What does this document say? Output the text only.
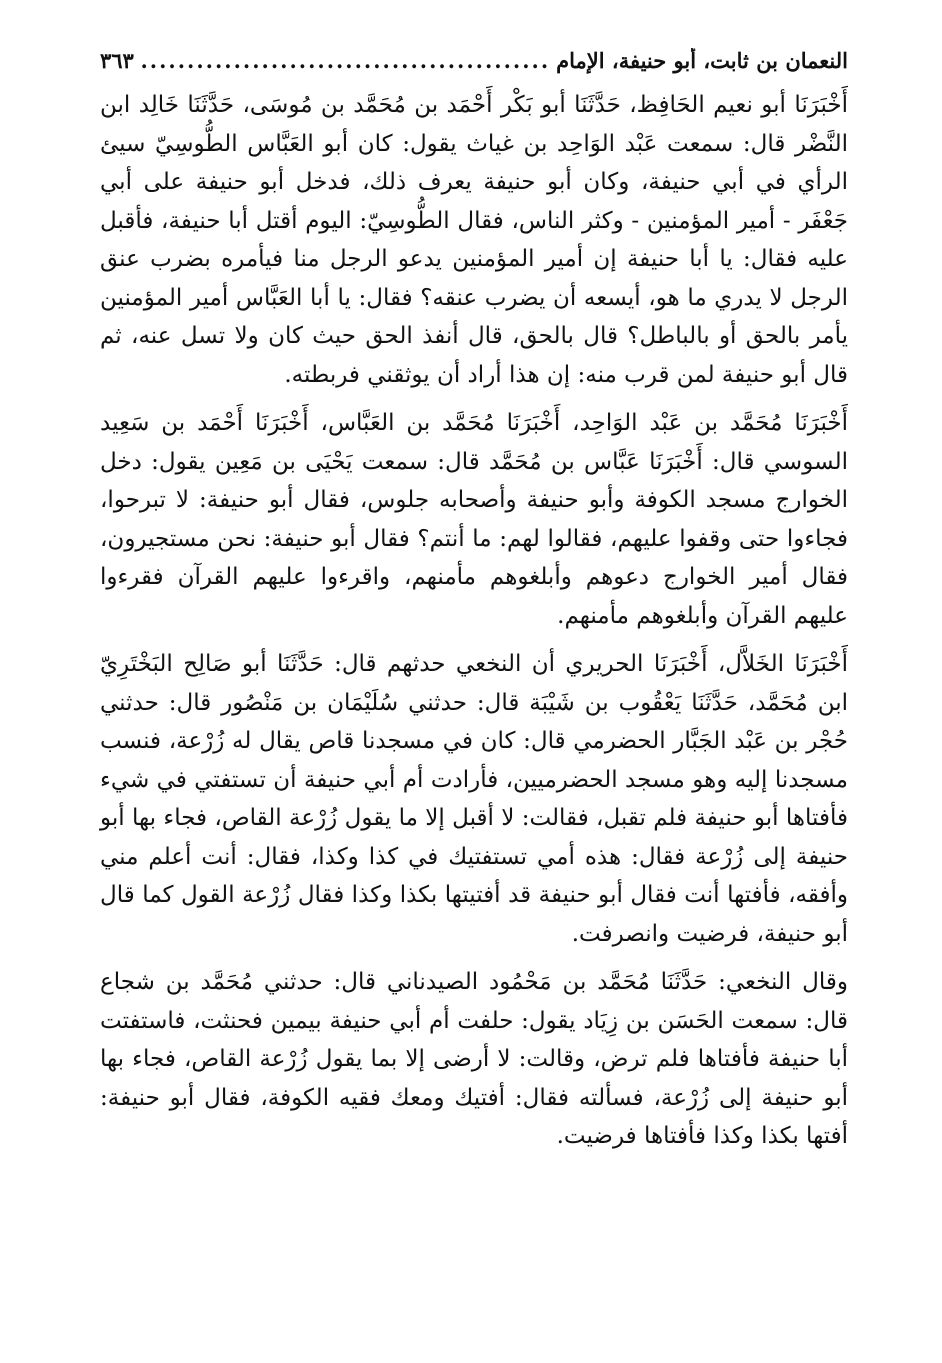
النعمان بن ثابت، أبو حنيفة، الإمام
.....
٣٦٣

أَخْبَرَنَا أبو نعيم الحَافِظ، حَدَّثَنَا أبو بَكْر أَحْمَد بن مُحَمَّد بن مُوسَى، حَدَّثَنَا خَالِد ابن النَّضْر قال: سمعت عَبْد الوَاحِد بن غياث يقول: كان أبو العَبَّاس الطُّوسِيّ سيئ الرأي في أبي حنيفة، وكان أبو حنيفة يعرف ذلك، فدخل أبو حنيفة على أبي جَعْفَر - أمير المؤمنين - وكثر الناس، فقال الطُّوسِيّ: اليوم أقتل أبا حنيفة، فأقبل عليه فقال: يا أبا حنيفة إن أمير المؤمنين يدعو الرجل منا فيأمره بضرب عنق الرجل لا يدري ما هو، أيسعه أن يضرب عنقه؟ فقال: يا أبا العَبَّاس أمير المؤمنين يأمر بالحق أو بالباطل؟ قال بالحق، قال أنفذ الحق حيث كان ولا تسل عنه، ثم قال أبو حنيفة لمن قرب منه: إن هذا أراد أن يوثقني فربطته.

أَخْبَرَنَا مُحَمَّد بن عَبْد الوَاحِد، أَخْبَرَنَا مُحَمَّد بن العَبَّاس، أَخْبَرَنَا أَحْمَد بن سَعِيد السوسي قال: أَخْبَرَنَا عَبَّاس بن مُحَمَّد قال: سمعت يَحْيَى بن مَعِين يقول: دخل الخوارج مسجد الكوفة وأبو حنيفة وأصحابه جلوس، فقال أبو حنيفة: لا تبرحوا، فجاءوا حتى وقفوا عليهم، فقالوا لهم: ما أنتم؟ فقال أبو حنيفة: نحن مستجيرون، فقال أمير الخوارج دعوهم وأبلغوهم مأمنهم، واقرءوا عليهم القرآن فقرءوا عليهم القرآن وأبلغوهم مأمنهم.

أَخْبَرَنَا الخَلاَّل، أَخْبَرَنَا الحريري أن النخعي حدثهم قال: حَدَّثَنَا أبو صَالِح البَخْتَرِيّ ابن مُحَمَّد، حَدَّثَنَا يَعْقُوب بن شَيْبَة قال: حدثني سُلَيْمَان بن مَنْصُور قال: حدثني حُجْر بن عَبْد الجَبَّار الحضرمي قال: كان في مسجدنا قاص يقال له زُرْعة، فنسب مسجدنا إليه وهو مسجد الحضرميين، فأرادت أم أبي حنيفة أن تستفتي في شيء فأفتاها أبو حنيفة فلم تقبل، فقالت: لا أقبل إلا ما يقول زُرْعة القاص، فجاء بها أبو حنيفة إلى زُرْعة فقال: هذه أمي تستفتيك في كذا وكذا، فقال: أنت أعلم مني وأفقه، فأفتها أنت فقال أبو حنيفة قد أفتيتها بكذا وكذا فقال زُرْعة القول كما قال أبو حنيفة، فرضيت وانصرفت.

وقال النخعي: حَدَّثَنَا مُحَمَّد بن مَحْمُود الصيدناني قال: حدثني مُحَمَّد بن شجاع قال: سمعت الحَسَن بن زِيَاد يقول: حلفت أم أبي حنيفة بيمين فحنثت، فاستفتت أبا حنيفة فأفتاها فلم ترض، وقالت: لا أرضى إلا بما يقول زُرْعة القاص، فجاء بها أبو حنيفة إلى زُرْعة، فسألته فقال: أفتيك ومعك فقيه الكوفة، فقال أبو حنيفة: أفتها بكذا وكذا فأفتاها فرضيت.
